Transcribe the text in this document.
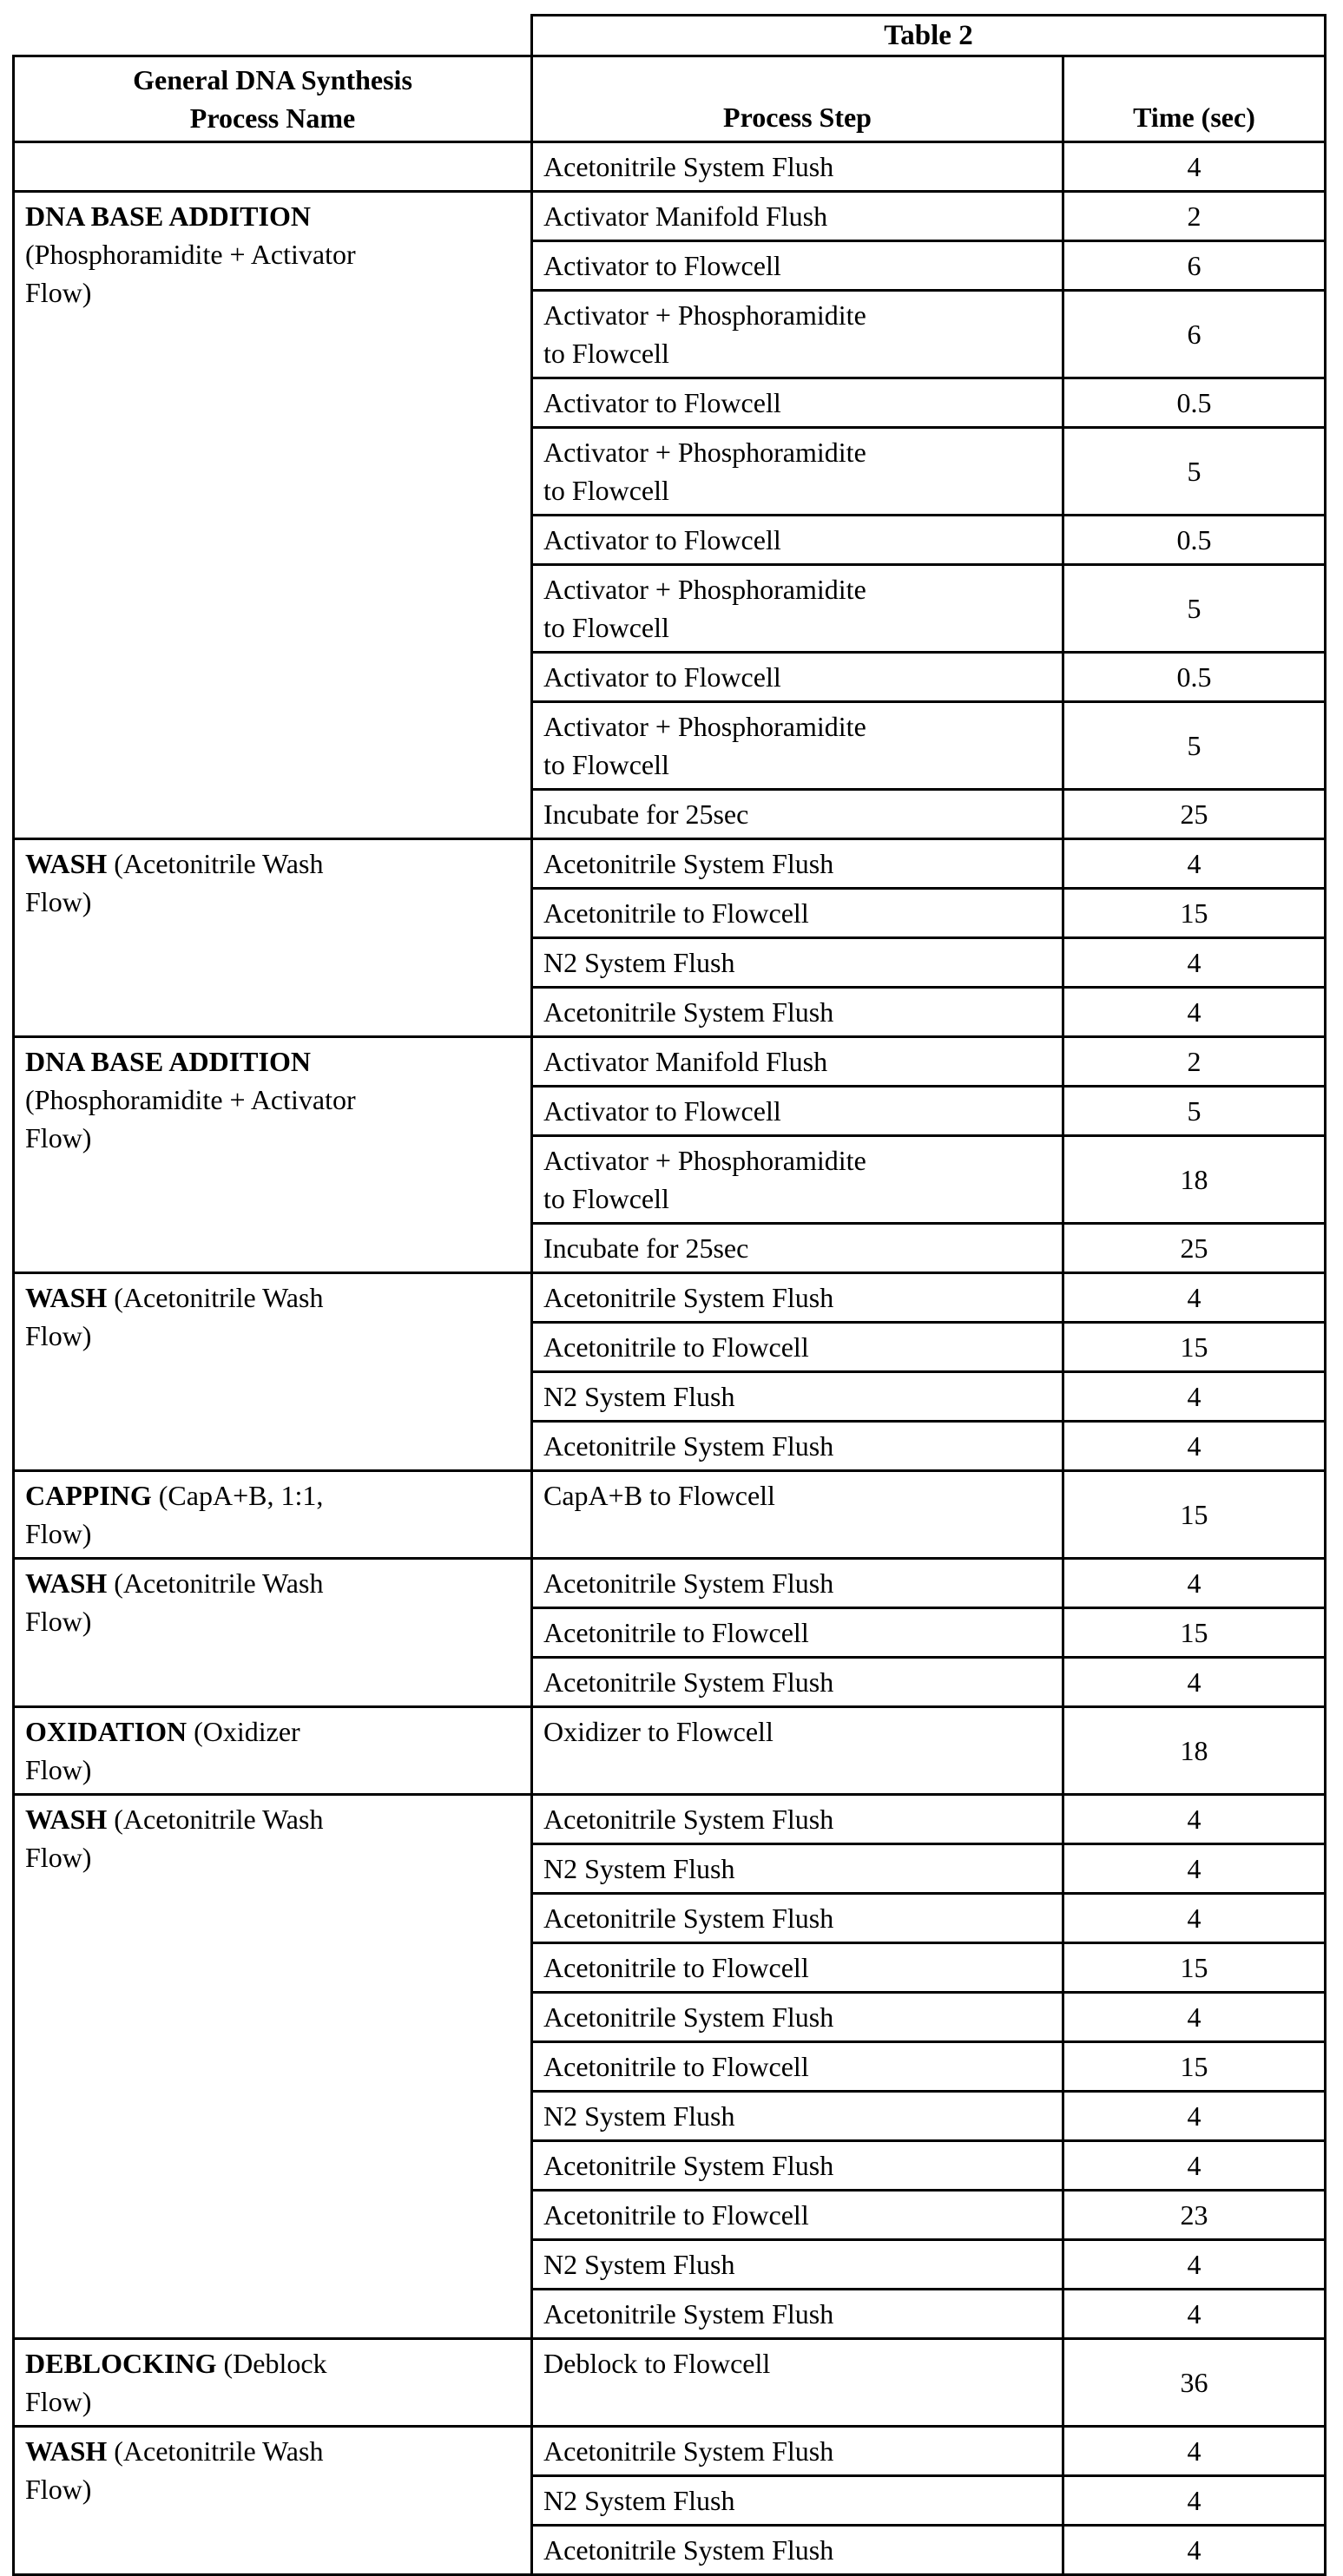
	Table 2	

General DNA Synthesis
Process Name	Process Step	Time (sec)
	Acetonitrile System Flush	4
DNA BASE ADDITION
(Phosphoramidite + Activator
Flow)	Activator Manifold Flush	2
	Activator to Flowcell	6
	Activator + Phosphoramidite
to Flowcell	6
	Activator to Flowcell	0.5
	Activator + Phosphoramidite
to Flowcell	5
	Activator to Flowcell	0.5
	Activator + Phosphoramidite
to Flowcell	5
	Activator to Flowcell	0.5
	Activator + Phosphoramidite
to Flowcell	5
	Incubate for 25sec	25
WASH (Acetonitrile Wash
Flow)	Acetonitrile System Flush	4
	Acetonitrile to Flowcell	15
	N2 System Flush	4
	Acetonitrile System Flush	4
DNA BASE ADDITION
(Phosphoramidite + Activator
Flow)	Activator Manifold Flush	2
	Activator to Flowcell	5
	Activator + Phosphoramidite
to Flowcell	18
	Incubate for 25sec	25
WASH (Acetonitrile Wash
Flow)	Acetonitrile System Flush	4
	Acetonitrile to Flowcell	15
	N2 System Flush	4
	Acetonitrile System Flush	4
CAPPING (CapA+B, 1:1,
Flow)	CapA+B to Flowcell	15
WASH (Acetonitrile Wash
Flow)	Acetonitrile System Flush	4
	Acetonitrile to Flowcell	15
	Acetonitrile System Flush	4
OXIDATION (Oxidizer
Flow)	Oxidizer to Flowcell	18
WASH (Acetonitrile Wash
Flow)	Acetonitrile System Flush	4
	N2 System Flush	4
	Acetonitrile System Flush	4
	Acetonitrile to Flowcell	15
	Acetonitrile System Flush	4
	Acetonitrile to Flowcell	15
	N2 System Flush	4
	Acetonitrile System Flush	4
	Acetonitrile to Flowcell	23
	N2 System Flush	4
	Acetonitrile System Flush	4
DEBLOCKING (Deblock
Flow)	Deblock to Flowcell	36
WASH (Acetonitrile Wash
Flow)	Acetonitrile System Flush	4
	N2 System Flush	4
	Acetonitrile System Flush	4
